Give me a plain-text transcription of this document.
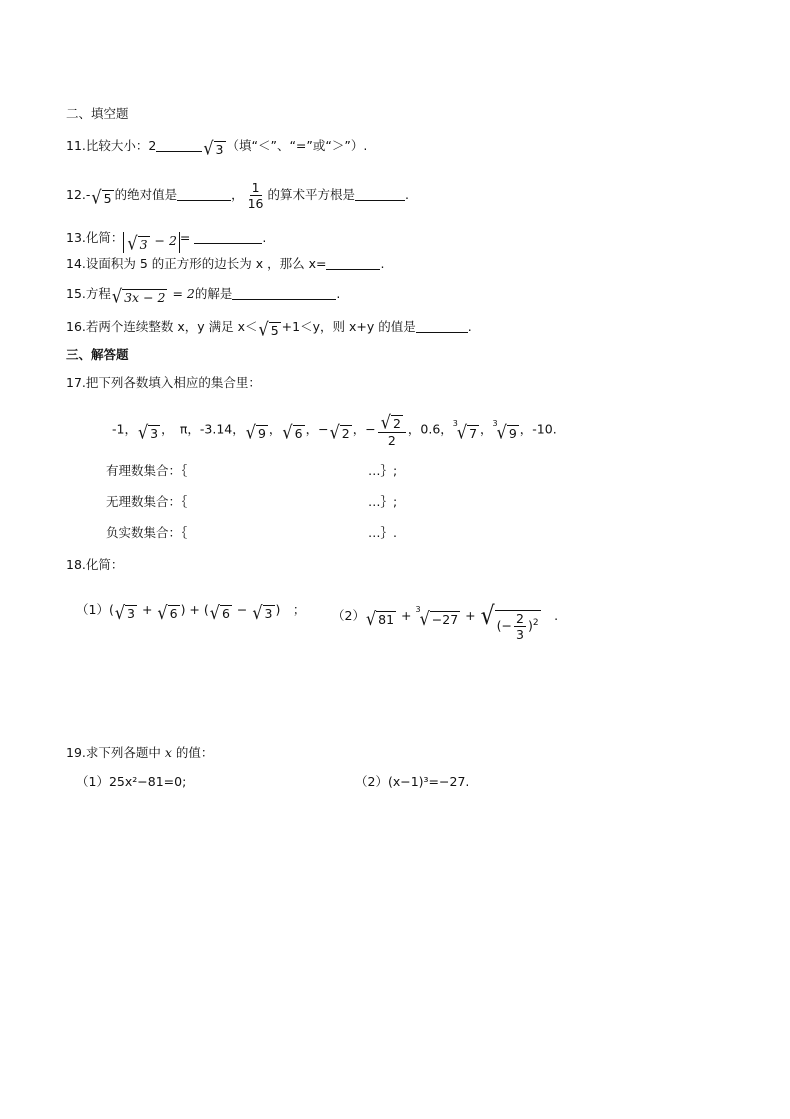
二、填空题
11.比较大小：2	√ 3 （填“＜”、“=”或“＞”）.
12.- √ 5 的绝对值是	， $\frac{1}{16}$ 的算术平方根是	.
13.化简： √ 3 − 2 =	.
14.设面积为 5 的正方形的边长为 x ，那么 x=	.
15.方程 √ 3x − 2 = 2的解是	.
16.若两个连续整数 x，y 满足 x＜ √ 5 +1＜y，则 x+y 的值是	.
三、解答题
17.把下列各数填入相应的集合里：
-1， √ 3 ，　π，-3.14， √ 9 ， √ 6 ，− √ 2 ，− $\frac{√ 2}{2}$ ，0.6，$^3$ √ 7 ，$^3$ √ 9 ，-10.
有理数集合：｛	…｝;
无理数集合：｛	…｝;
负实数集合：｛	…｝.
18.化简：
（1）( √ 3 + √ 6 ) + ( √ 6 − √ 3 )　； （2） √ 81 + $^3$ √ −27 + √ (− $\frac{2}{3} )^2$ 　.
19.求下列各题中 x 的值：
（1）25x²−81=0;	（2）(x−1)³=−27.
